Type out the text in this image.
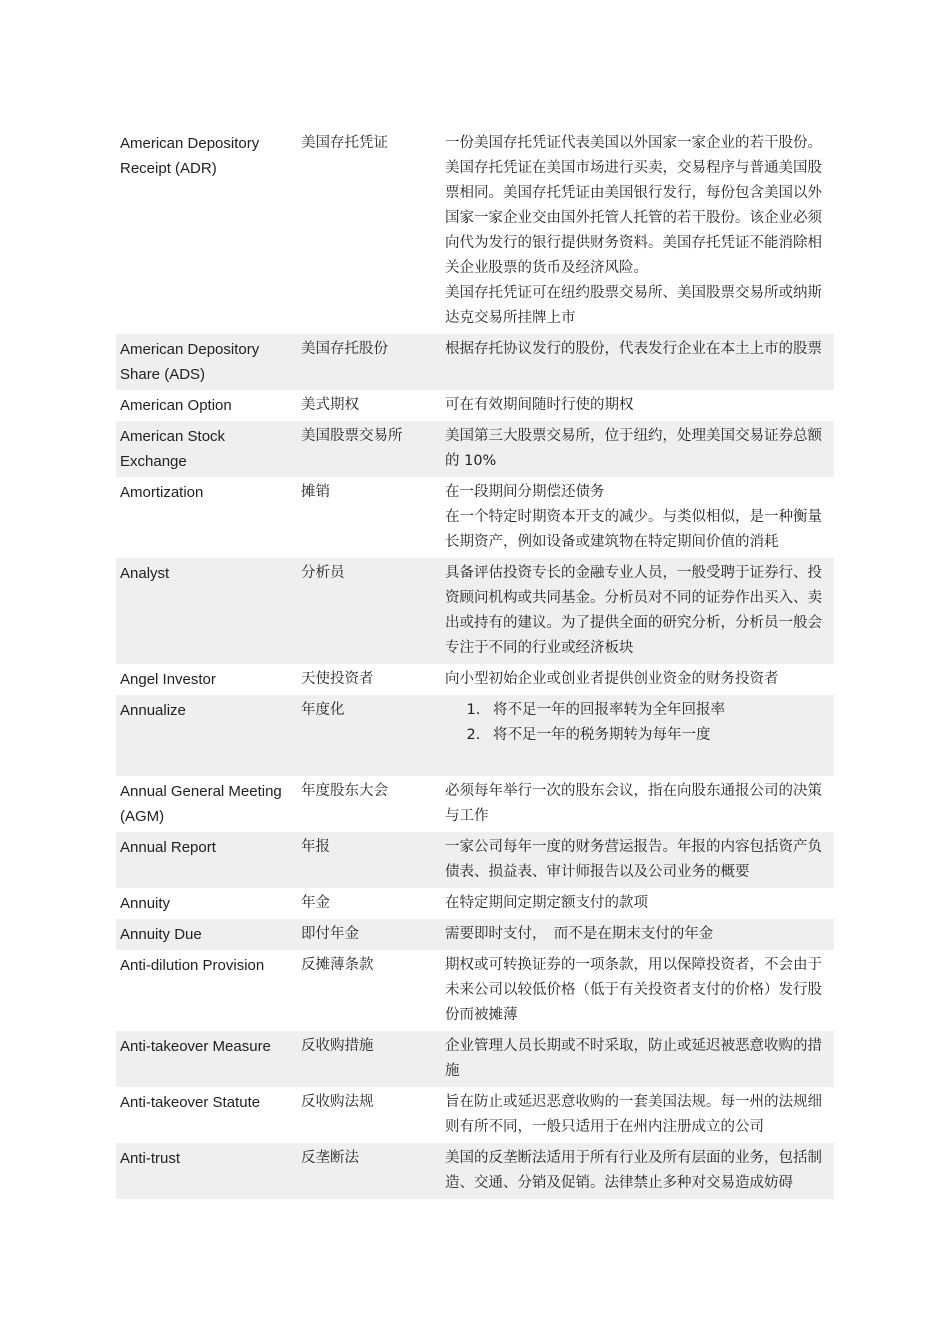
American Depository Receipt (ADR)
美国存托凭证	一份美国存托凭证代表美国以外国家一家企业的若干股份。美国存托凭证在美国市场进行买卖，交易程序与普通美国股票相同。美国存托凭证由美国银行发行，每份包含美国以外国家一家企业交由国外托管人托管的若干股份。该企业必须向代为发行的银行提供财务资料。美国存托凭证不能消除相关企业股票的货币及经济风险。
美国存托凭证可在纽约股票交易所、美国股票交易所或纳斯达克交易所挂牌上市
American Depository Share (ADS)
美国存托股份	根据存托协议发行的股份，代表发行企业在本土上市的股票
American Option	美式期权	可在有效期间随时行使的期权
American Stock Exchange
美国股票交易所	美国第三大股票交易所，位于纽约，处理美国交易证券总额的 10%
Amortization	摊销	在一段期间分期偿还债务
在一个特定时期资本开支的减少。与类似相似，是一种衡量长期资产，例如设备或建筑物在特定期间价值的消耗
Analyst	分析员	具备评估投资专长的金融专业人员，一般受聘于证券行、投资顾问机构或共同基金。分析员对不同的证券作出买入、卖出或持有的建议。为了提供全面的研究分析，分析员一般会专注于不同的行业或经济板块
Angel Investor	天使投资者	向小型初始企业或创业者提供创业资金的财务投资者
Annualize	年度化
1.	将不足一年的回报率转为全年回报率
2. 将不足一年的税务期转为每年一度
Annual General Meeting (AGM)
年度股东大会	必须每年举行一次的股东会议，指在向股东通报公司的决策与工作
Annual Report	年报	一家公司每年一度的财务营运报告。年报的内容包括资产负债表、损益表、审计师报告以及公司业务的概要
Annuity	年金	在特定期间定期定额支付的款项
Annuity Due	即付年金	需要即时支付，　而不是在期末支付的年金
Anti-dilution Provision	反摊薄条款	期权或可转换证券的一项条款，用以保障投资者，不会由于未来公司以较低价格（低于有关投资者支付的价格）发行股份而被摊薄
Anti-takeover Measure	反收购措施	企业管理人员长期或不时采取，防止或延迟被恶意收购的措施
Anti-takeover Statute	反收购法规	旨在防止或延迟恶意收购的一套美国法规。每一州的法规细则有所不同，一般只适用于在州内注册成立的公司
Anti-trust	反垄断法	美国的反垄断法适用于所有行业及所有层面的业务，包括制造、交通、分销及促销。法律禁止多种对交易造成妨碍
